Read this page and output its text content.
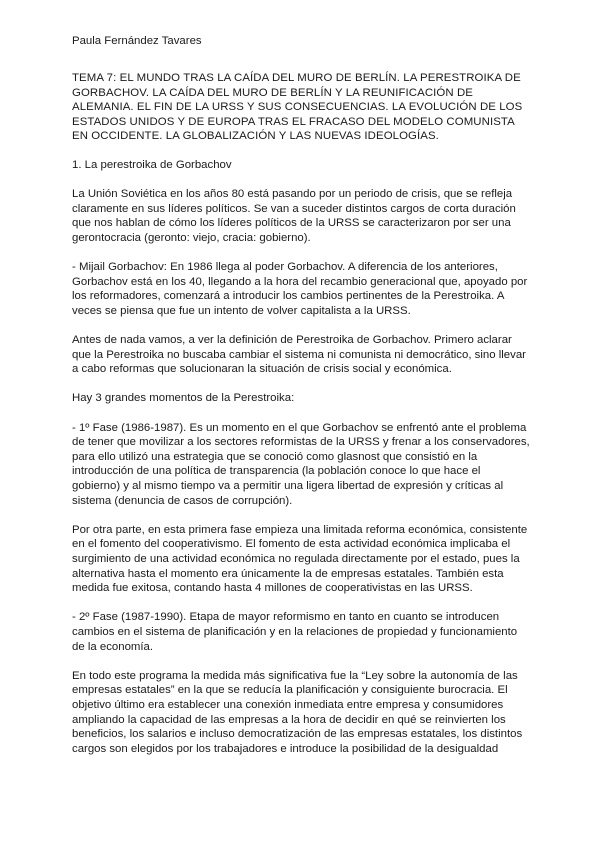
Paula Fernández Tavares
TEMA 7: EL MUNDO TRAS LA CAÍDA DEL MURO DE BERLÍN. LA PERESTROIKA DE GORBACHOV. LA CAÍDA DEL MURO DE BERLÍN Y LA REUNIFICACIÓN DE ALEMANIA. EL FIN DE LA URSS Y SUS CONSECUENCIAS. LA EVOLUCIÓN DE LOS ESTADOS UNIDOS Y DE EUROPA TRAS EL FRACASO DEL MODELO COMUNISTA EN OCCIDENTE. LA GLOBALIZACIÓN Y LAS NUEVAS IDEOLOGÍAS.
1. La perestroika de Gorbachov
La Unión Soviética en los años 80 está pasando por un periodo de crisis, que se refleja claramente en sus líderes políticos. Se van a suceder distintos cargos de corta duración que nos hablan de cómo los líderes políticos de la URSS se caracterizaron por ser una gerontocracia (geronto: viejo, cracia: gobierno).
- Mijail Gorbachov: En 1986 llega al poder Gorbachov. A diferencia de los anteriores, Gorbachov está en los 40, llegando a la hora del recambio generacional que, apoyado por los reformadores, comenzará a introducir los cambios pertinentes de la Perestroika. A veces se piensa que fue un intento de volver capitalista a la URSS.
Antes de nada vamos, a ver la definición de Perestroika de Gorbachov. Primero aclarar que la Perestroika no buscaba cambiar el sistema ni comunista ni democrático, sino llevar a cabo reformas que solucionaran la situación de crisis social y económica.
Hay 3 grandes momentos de la Perestroika:
- 1º Fase (1986-1987). Es un momento en el que Gorbachov se enfrentó ante el problema de tener que movilizar a los sectores reformistas de la URSS y frenar a los conservadores, para ello utilizó una estrategia que se conoció como glasnost que consistió en la introducción de una política de transparencia (la población conoce lo que hace el gobierno) y al mismo tiempo va a permitir una ligera libertad de expresión y críticas al sistema (denuncia de casos de corrupción).
Por otra parte, en esta primera fase empieza una limitada reforma económica, consistente en el fomento del cooperativismo. El fomento de esta actividad económica implicaba el surgimiento de una actividad económica no regulada directamente por el estado, pues la alternativa hasta el momento era únicamente la de empresas estatales. También esta medida fue exitosa, contando hasta 4 millones de cooperativistas en las URSS.
- 2º Fase (1987-1990). Etapa de mayor reformismo en tanto en cuanto se introducen cambios en el sistema de planificación y en la relaciones de propiedad y funcionamiento de la economía.
En todo este programa la medida más significativa fue la “Ley sobre la autonomía de las empresas estatales” en la que se reducía la planificación y consiguiente burocracia. El objetivo último era establecer una conexión inmediata entre empresa y consumidores ampliando la capacidad de las empresas a la hora de decidir en qué se reinvierten los beneficios, los salarios e incluso democratización de las empresas estatales, los distintos cargos son elegidos por los trabajadores e introduce la posibilidad de la desigualdad
